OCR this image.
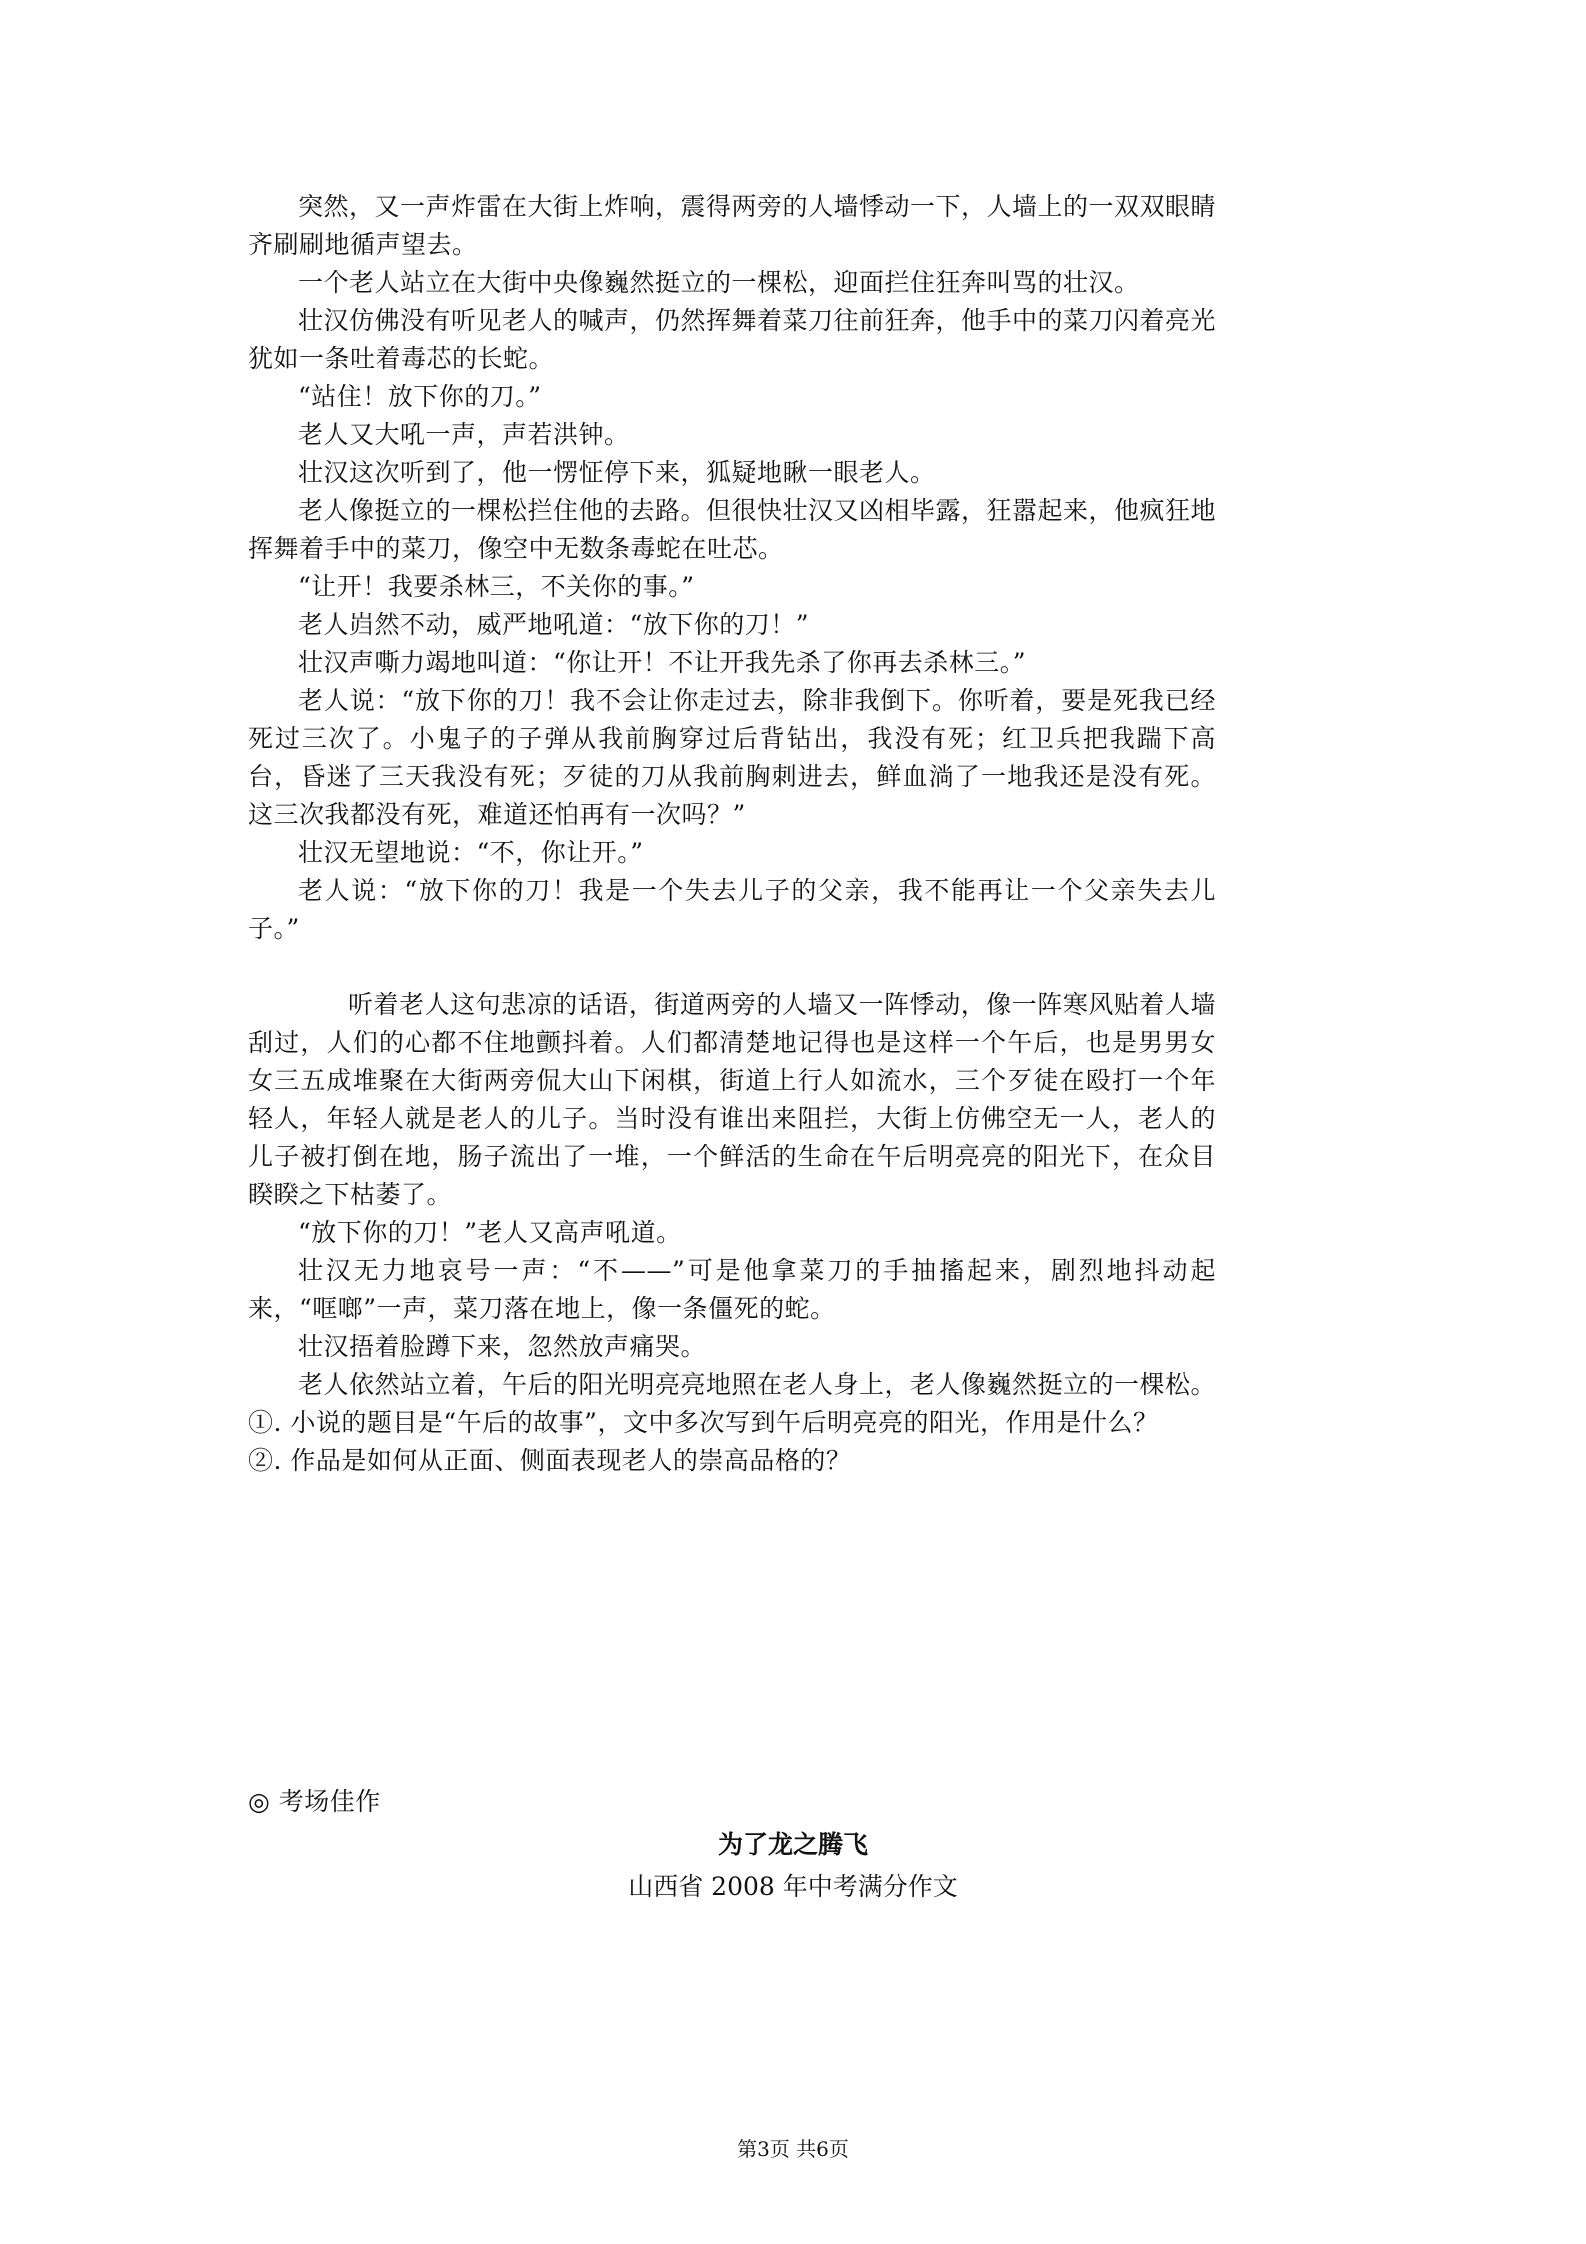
突然，又一声炸雷在大街上炸响，震得两旁的人墙悸动一下，人墙上的一双双眼睛齐刷刷地循声望去。

一个老人站立在大街中央像巍然挺立的一棵松，迎面拦住狂奔叫骂的壮汉。

壮汉仿佛没有听见老人的喊声，仍然挥舞着菜刀往前狂奔，他手中的菜刀闪着亮光犹如一条吐着毒芯的长蛇。

“站住！放下你的刀。”

老人又大吼一声，声若洪钟。

壮汉这次听到了，他一愣怔停下来，狐疑地瞅一眼老人。

老人像挺立的一棵松拦住他的去路。但很快壮汉又凶相毕露，狂嚣起来，他疯狂地挥舞着手中的菜刀，像空中无数条毒蛇在吐芯。

“让开！我要杀林三，不关你的事。”

老人岿然不动，威严地吼道：“放下你的刀！”

壮汉声嘶力竭地叫道：“你让开！不让开我先杀了你再去杀林三。”

老人说：“放下你的刀！我不会让你走过去，除非我倒下。你听着，要是死我已经死过三次了。小鬼子的子弹从我前胸穿过后背钻出，我没有死；红卫兵把我踹下高台，昏迷了三天我没有死；歹徒的刀从我前胸刺进去，鲜血淌了一地我还是没有死。这三次我都没有死，难道还怕再有一次吗？”

壮汉无望地说：“不，你让开。”

老人说：“放下你的刀！我是一个失去儿子的父亲，我不能再让一个父亲失去儿子。”

听着老人这句悲凉的话语，街道两旁的人墙又一阵悸动，像一阵寒风贴着人墙刮过，人们的心都不住地颤抖着。人们都清楚地记得也是这样一个午后，也是男男女女三五成堆聚在大街两旁侃大山下闲棋，街道上行人如流水，三个歹徒在殴打一个年轻人，年轻人就是老人的儿子。当时没有谁出来阻拦，大街上仿佛空无一人，老人的儿子被打倒在地，肠子流出了一堆，一个鲜活的生命在午后明亮亮的阳光下，在众目睽睽之下枯萎了。

“放下你的刀！”老人又高声吼道。

壮汉无力地哀号一声：“不——”可是他拿菜刀的手抽搐起来，剧烈地抖动起来，“哐啷”一声，菜刀落在地上，像一条僵死的蛇。

壮汉捂着脸蹲下来，忽然放声痛哭。

老人依然站立着，午后的阳光明亮亮地照在老人身上，老人像巍然挺立的一棵松。

①. 小说的题目是“午后的故事”，文中多次写到午后明亮亮的阳光，作用是什么？

②. 作品是如何从正面、侧面表现老人的崇高品格的？

◎ 考场佳作
为了龙之腾飞
山西省 2008 年中考满分作文
第3页 共6页
